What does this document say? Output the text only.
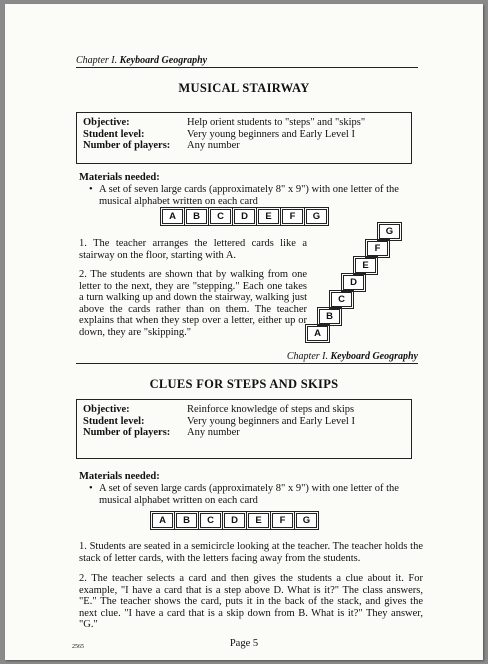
Chapter I. Keyboard Geography
MUSICAL STAIRWAY
Objective:	Help orient students to "steps" and "skips"
Student level:	Very young beginners and Early Level I
Number of players:	Any number
Materials needed:
• A set of seven large cards (approximately 8" x 9") with one letter of the musical alphabet written on each card
A	B	C	D	E	F	G
1. The teacher arranges the lettered cards like a stairway on the floor, starting with A.
2. The students are shown that by walking from one letter to the next, they are "stepping." Each one takes a turn walking up and down the stairway, walking just above the cards rather than on them. The teacher explains that when they step over a letter, either up or down, they are "skipping."	A
B
C
D
E
F
G
Chapter I. Keyboard Geography
CLUES FOR STEPS AND SKIPS
Objective:	Reinforce knowledge of steps and skips
Student level:	Very young beginners and Early Level I
Number of players:	Any number
Materials needed:
• A set of seven large cards (approximately 8" x 9") with one letter of the musical alphabet written on each card
A	B	C	D	E	F	G
1. Students are seated in a semicircle looking at the teacher. The teacher holds the stack of letter cards, with the letters facing away from the students.
2. The teacher selects a card and then gives the students a clue about it. For example, "I have a card that is a step above D. What is it?" The class answers, "E." The teacher shows the card, puts it in the back of the stack, and gives the next clue. "I have a card that is a skip down from B. What is it?" They answer, "G."
2565	Page 5
